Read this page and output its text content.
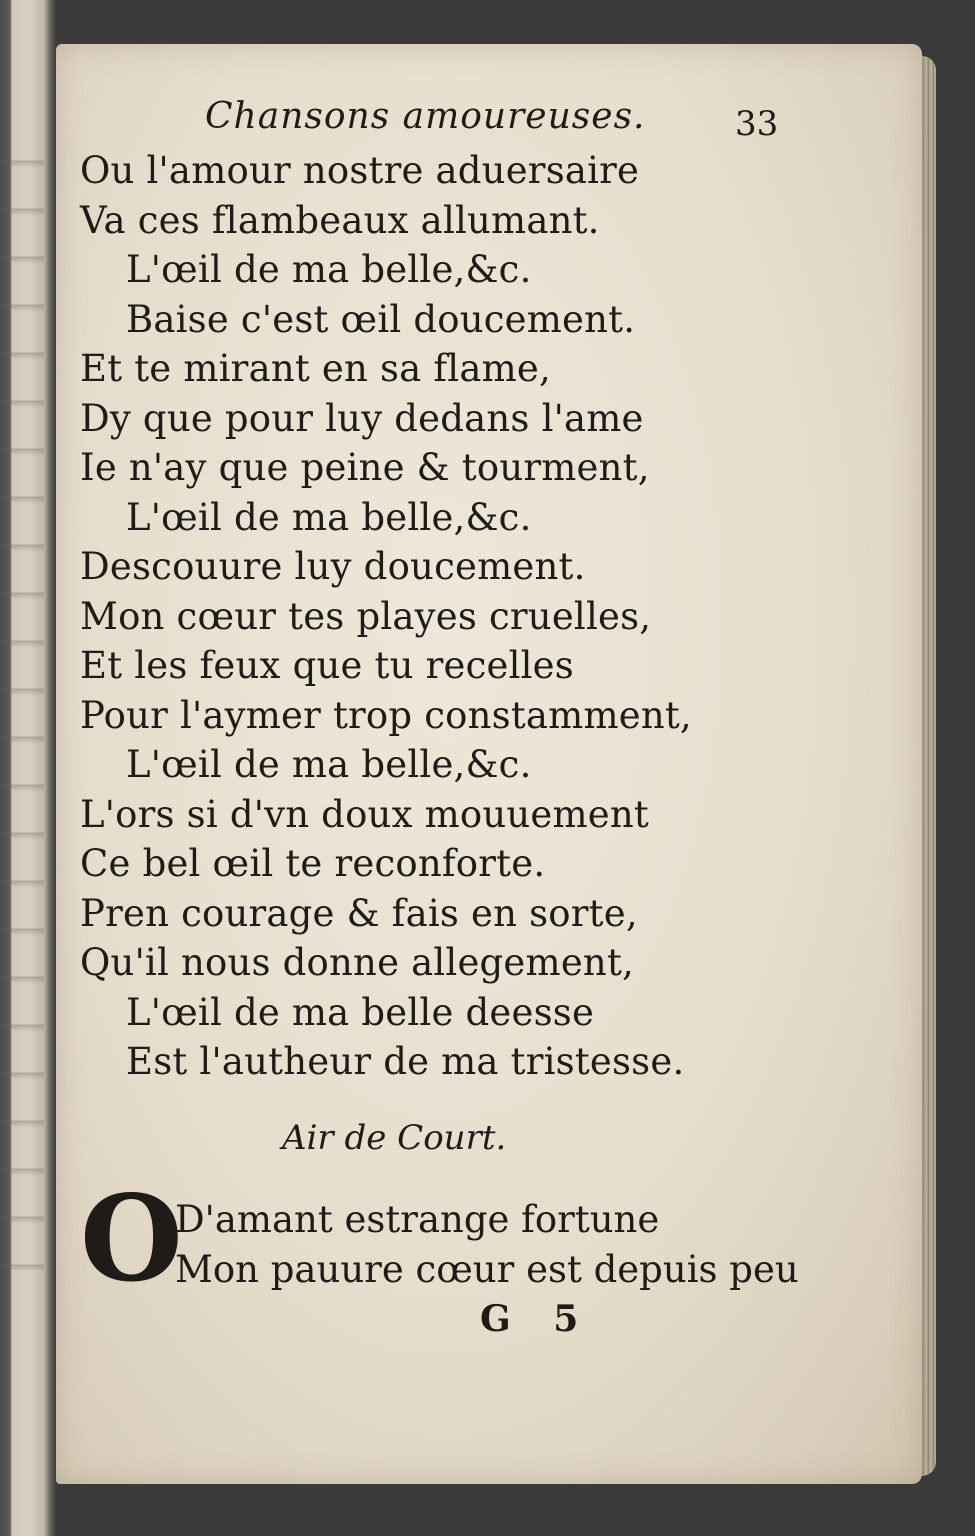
Chansons amoureuses.	33
Ou l'amour nostre aduersaire
Va ces flambeaux allumant.
L'œil de ma belle,&c.
Baise c'est œil doucement.
Et te mirant en sa flame,
Dy que pour luy dedans l'ame
Ie n'ay que peine & tourment,
L'œil de ma belle,&c.
Descouure luy doucement.
Mon cœur tes playes cruelles,
Et les feux que tu recelles
Pour l'aymer trop constamment,
L'œil de ma belle,&c.
L'ors si d'vn doux mouuement
Ce bel œil te reconforte.
Pren courage & fais en sorte,
Qu'il nous donne allegement,
L'œil de ma belle deesse
Est l'autheur de ma tristesse.
Air de Court.
O
D'amant estrange fortune
Mon pauure cœur est depuis peu
G 5
